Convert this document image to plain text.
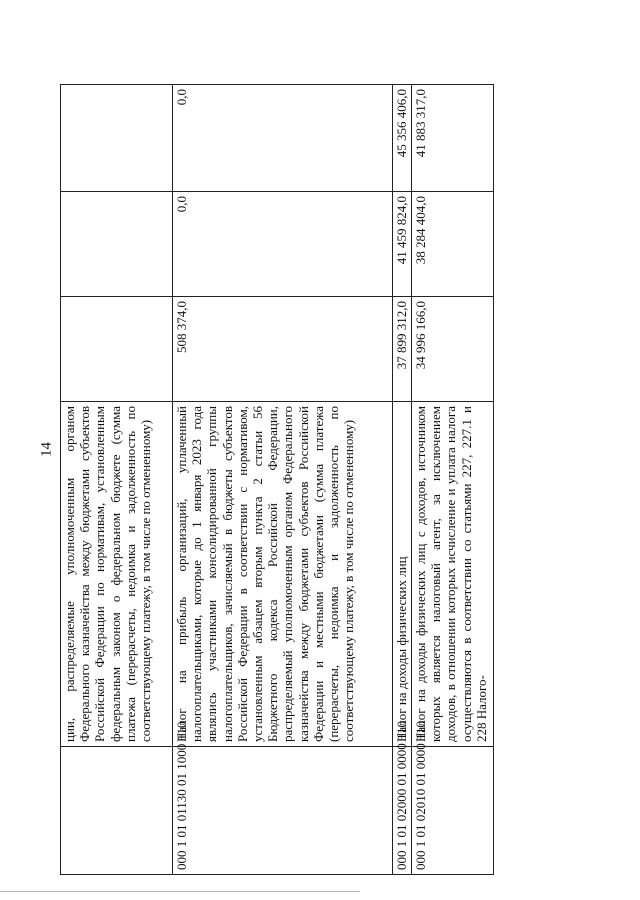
14
	ции, распределяемые уполномоченным органом Федерального казначейства между бюджетами субъектов Российской Федерации по нормативам, установленным федеральным законом о федеральном бюджете (сумма платежа (перерасчеты, недоимка и задолженность по соответствующему платежу, в том числе по отмененному)			
000 1 01 01130 01 1000 110	Налог на прибыль организаций, уплаченный налогоплательщиками, которые до 1 января 2023 года являлись участниками консолидированной группы налогоплательщиков, зачисляемый в бюджеты субъектов Российской Федерации в соответствии с нормативом, установленным абзацем вторым пункта 2 статьи 56 Бюджетного кодекса Российской Федерации, распределяемый уполномоченным органом Федерального казначейства между бюджетами субъектов Российской Федерации и местными бюджетами (сумма платежа (перерасчеты, недоимка и задолженность по соответствующему платежу, в том числе по отмененному)	508 374,0	0,0	0,0
000 1 01 02000 01 0000 110	Налог на доходы физических лиц	37 899 312,0	41 459 824,0	45 356 406,0
000 1 01 02010 01 0000 110	Налог на доходы физических лиц с доходов, источником которых является налоговый агент, за исключением доходов, в отношении которых исчисление и уплата налога осуществляются в соответствии со статьями 227, 227.1 и 228 Налого-	34 996 166,0	38 284 404,0	41 883 317,0
